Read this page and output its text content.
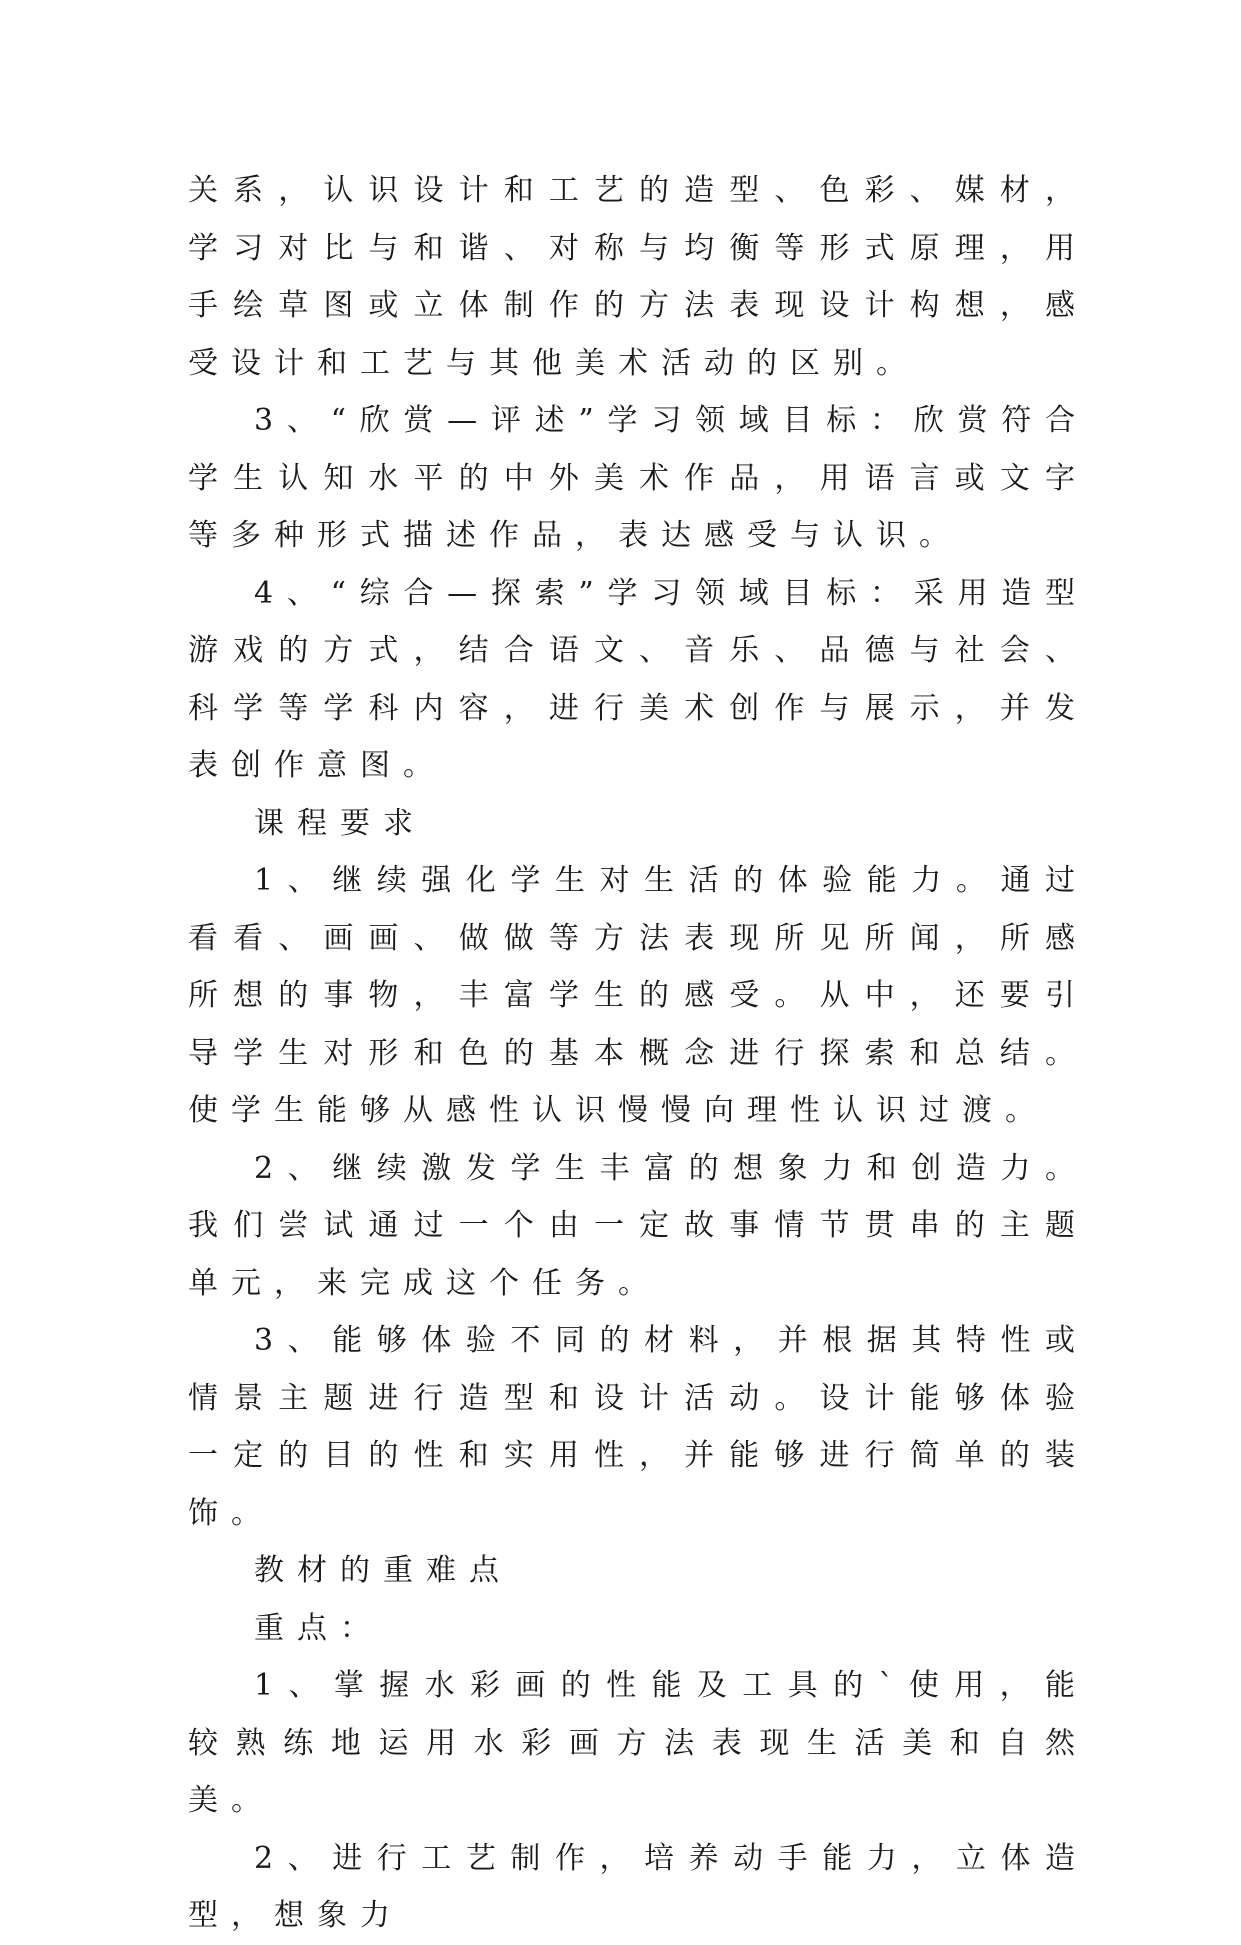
关系，认识设计和工艺的造型、色彩、媒材，学习对比与和谐、对称与均衡等形式原理，用手绘草图或立体制作的方法表现设计构想，感受设计和工艺与其他美术活动的区别。

3、“欣赏—评述”学习领域目标：欣赏符合学生认知水平的中外美术作品，用语言或文字等多种形式描述作品，表达感受与认识。

4、“综合—探索”学习领域目标：采用造型游戏的方式，结合语文、音乐、品德与社会、科学等学科内容，进行美术创作与展示，并发表创作意图。

课程要求

1、继续强化学生对生活的体验能力。通过看看、画画、做做等方法表现所见所闻，所感所想的事物，丰富学生的感受。从中，还要引导学生对形和色的基本概念进行探索和总结。使学生能够从感性认识慢慢向理性认识过渡。

2、继续激发学生丰富的想象力和创造力。我们尝试通过一个由一定故事情节贯串的主题单元，来完成这个任务。

3、能够体验不同的材料，并根据其特性或情景主题进行造型和设计活动。设计能够体验一定的目的性和实用性，并能够进行简单的装饰。

教材的重难点

重点：

1、掌握水彩画的性能及工具的`使用，能较熟练地运用水彩画方法表现生活美和自然美。

2、进行工艺制作，培养动手能力，立体造型，想象力
